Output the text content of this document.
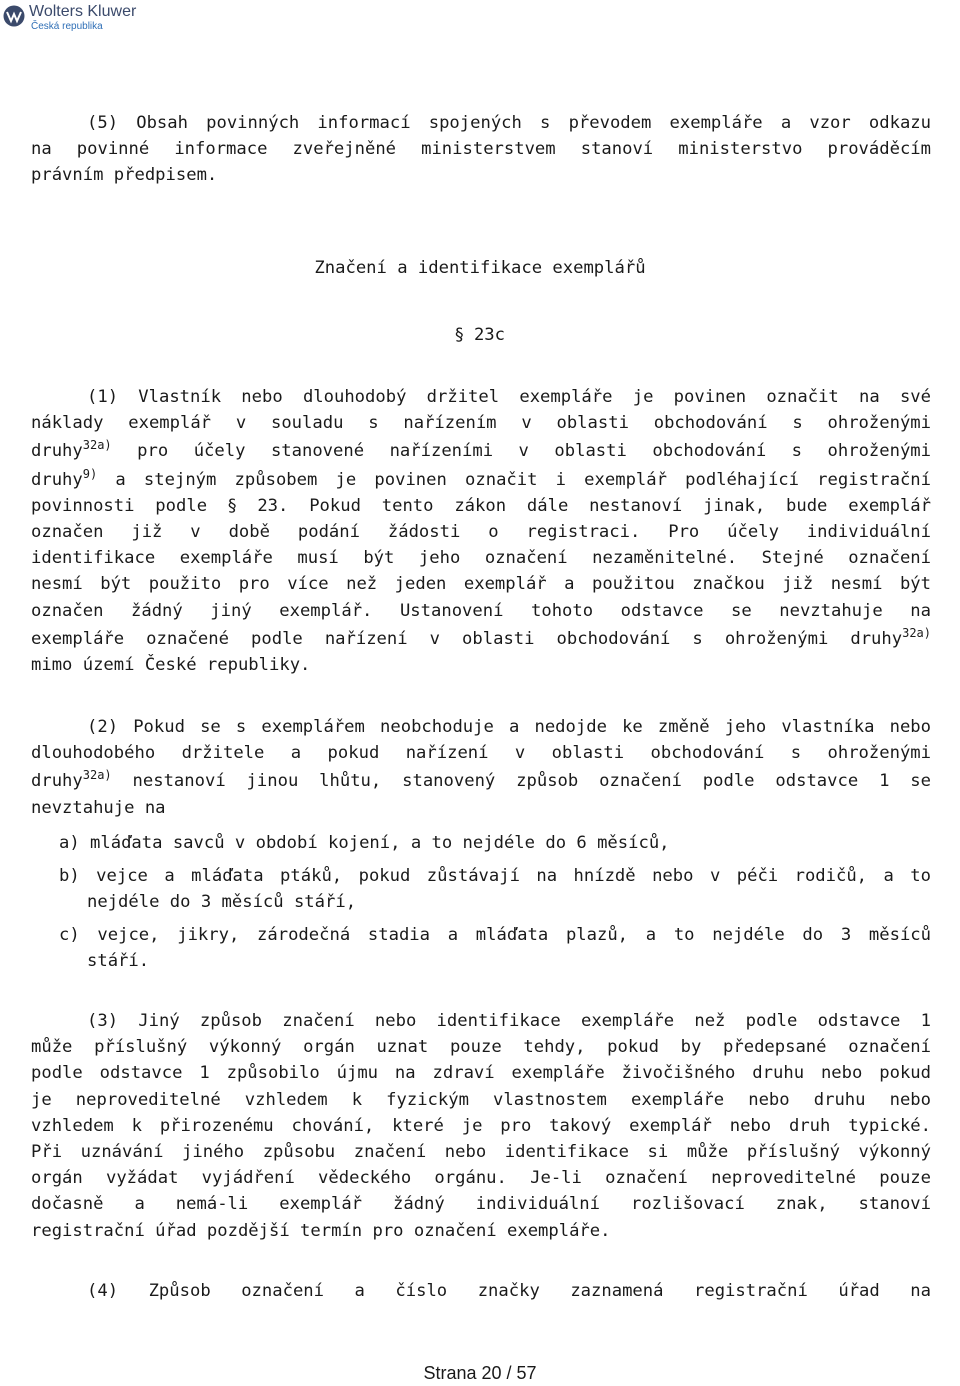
Wolters Kluwer
Česká republika
(5) Obsah povinných informací spojených s převodem exempláře a vzor odkazu
na povinné informace zveřejněné ministerstvem stanoví ministerstvo prováděcím
právním předpisem.
Značení a identifikace exemplářů
§ 23c
(1) Vlastník nebo dlouhodobý držitel exempláře je povinen označit na své
náklady exemplář v souladu s nařízením v oblasti obchodování s ohroženými
druhy$^{32a)}$ pro účely stanovené nařízeními v oblasti obchodování s ohroženými
druhy$^{9)}$ a stejným způsobem je povinen označit i exemplář podléhající registrační
povinnosti podle § 23. Pokud tento zákon dále nestanoví jinak, bude exemplář
označen již v době podání žádosti o registraci. Pro účely individuální
identifikace exempláře musí být jeho označení nezaměnitelné. Stejné označení
nesmí být použito pro více než jeden exemplář a použitou značkou již nesmí být
označen žádný jiný exemplář. Ustanovení tohoto odstavce se nevztahuje na
exempláře označené podle nařízení v oblasti obchodování s ohroženými druhy$^{32a)}$
mimo území České republiky.
(2) Pokud se s exemplářem neobchoduje a nedojde ke změně jeho vlastníka nebo
dlouhodobého držitele a pokud nařízení v oblasti obchodování s ohroženými
druhy$^{32a)}$ nestanoví jinou lhůtu, stanovený způsob označení podle odstavce 1 se
nevztahuje na
a) mláďata savců v období kojení, a to nejdéle do 6 měsíců,
b) vejce a mláďata ptáků, pokud zůstávají na hnízdě nebo v péči rodičů, a to
nejdéle do 3 měsíců stáří,
c) vejce, jikry, zárodečná stadia a mláďata plazů, a to nejdéle do 3 měsíců
stáří.
(3) Jiný způsob značení nebo identifikace exempláře než podle odstavce 1
může příslušný výkonný orgán uznat pouze tehdy, pokud by předepsané označení
podle odstavce 1 způsobilo újmu na zdraví exempláře živočišného druhu nebo pokud
je neproveditelné vzhledem k fyzickým vlastnostem exempláře nebo druhu nebo
vzhledem k přirozenému chování, které je pro takový exemplář nebo druh typické.
Při uznávání jiného způsobu značení nebo identifikace si může příslušný výkonný
orgán vyžádat vyjádření vědeckého orgánu. Je-li označení neproveditelné pouze
dočasně a nemá-li exemplář žádný individuální rozlišovací znak, stanoví
registrační úřad pozdější termín pro označení exempláře.
(4) Způsob označení a číslo značky zaznamená registrační úřad na
Strana 20 / 57
